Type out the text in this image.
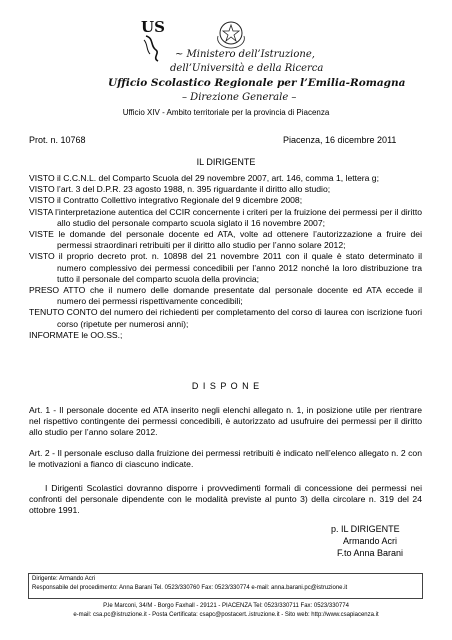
US
~ Ministero dell’Istruzione,
dell’Università e della Ricerca
Ufficio Scolastico Regionale per l’Emilia-Romagna
– Direzione Generale –
Ufficio XIV - Ambito territoriale per la provincia di Piacenza
Prot. n. 10768	Piacenza, 16 dicembre 2011
IL DIRIGENTE
VISTO il C.C.N.L. del Comparto Scuola del 29 novembre 2007, art. 146, comma 1, lettera g;
VISTO l’art. 3 del D.P.R. 23 agosto 1988, n. 395 riguardante il diritto allo studio;
VISTO il Contratto Collettivo integrativo Regionale del 9 dicembre 2008;
VISTA l’interpretazione autentica del CCIR concernente i criteri per la fruizione dei permessi per il diritto allo studio del personale comparto scuola siglato il 16 novembre 2007;
VISTE le domande del personale docente ed ATA, volte ad ottenere l’autorizzazione a fruire dei permessi straordinari retribuiti per il diritto allo studio per l’anno solare 2012;
VISTO il proprio decreto prot. n. 10898 del 21 novembre 2011 con il quale è stato determinato il numero complessivo dei permessi concedibili per l’anno 2012 nonché la loro distribuzione tra tutto il personale del comparto scuola della provincia;
PRESO ATTO che il numero delle domande presentate dal personale docente ed ATA eccede il numero dei permessi rispettivamente concedibili;
TENUTO CONTO del numero dei richiedenti per completamento del corso di laurea con iscrizione fuori corso (ripetute per numerosi anni);
INFORMATE le OO.SS.;
D I S P O N E
Art. 1 - Il personale docente ed ATA inserito negli elenchi allegato n. 1, in posizione utile per rientrare nel rispettivo contingente dei permessi concedibili, è autorizzato ad usufruire dei permessi per il diritto allo studio per l’anno solare 2012.
Art. 2 - Il personale escluso dalla fruizione dei permessi retribuiti è indicato nell’elenco allegato n. 2 con le motivazioni a fianco di ciascuno indicate.
I Dirigenti Scolastici dovranno disporre i provvedimenti formali di concessione dei permessi nei confronti del personale dipendente con le modalità previste al punto 3) della circolare n. 319 del 24 ottobre 1991.
p. IL DIRIGENTE
Armando Acri
F.to Anna Barani
Dirigente: Armando Acri
Responsabile del procedimento: Anna Barani Tel. 0523/330760 Fax: 0523/330774 e-mail: anna.barani.pc@istruzione.it
P.le Marconi, 34/M - Borgo Faxhall - 29121 - PIACENZA Tel: 0523/330711 Fax: 0523/330774
e-mail: csa.pc@istruzione.it - Posta Certificata: csapc@postacert..istruzione.it - Sito web: http://www.csapiacenza.it
